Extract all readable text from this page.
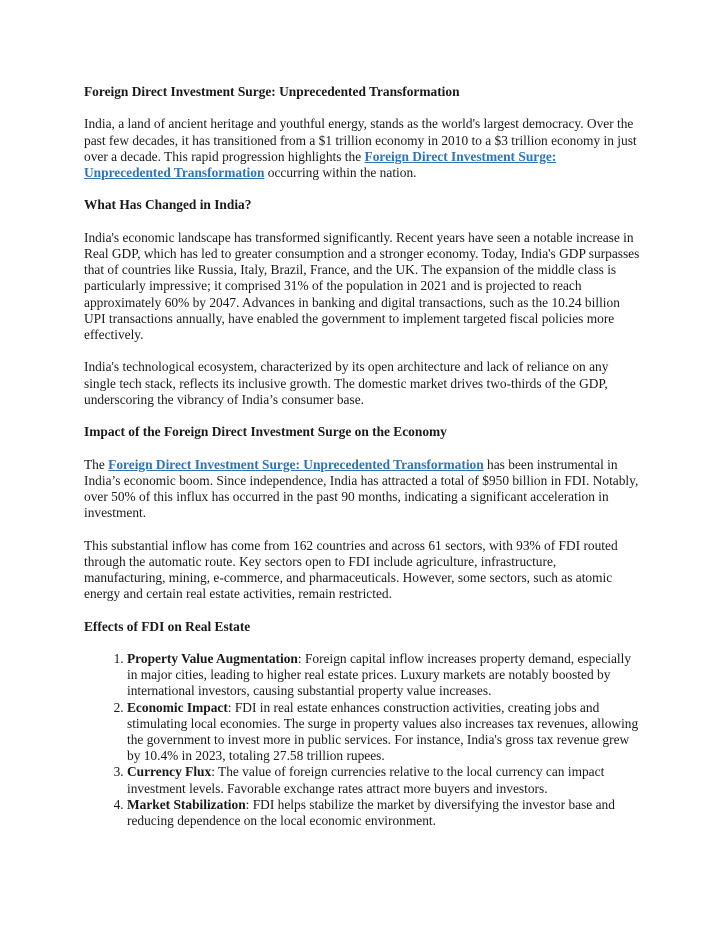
Foreign Direct Investment Surge: Unprecedented Transformation

India, a land of ancient heritage and youthful energy, stands as the world's largest democracy. Over the past few decades, it has transitioned from a $1 trillion economy in 2010 to a $3 trillion economy in just over a decade. This rapid progression highlights the Foreign Direct Investment Surge: Unprecedented Transformation occurring within the nation.

What Has Changed in India?

India's economic landscape has transformed significantly. Recent years have seen a notable increase in Real GDP, which has led to greater consumption and a stronger economy. Today, India's GDP surpasses that of countries like Russia, Italy, Brazil, France, and the UK. The expansion of the middle class is particularly impressive; it comprised 31% of the population in 2021 and is projected to reach approximately 60% by 2047. Advances in banking and digital transactions, such as the 10.24 billion UPI transactions annually, have enabled the government to implement targeted fiscal policies more effectively.

India's technological ecosystem, characterized by its open architecture and lack of reliance on any single tech stack, reflects its inclusive growth. The domestic market drives two-thirds of the GDP, underscoring the vibrancy of India’s consumer base.

Impact of the Foreign Direct Investment Surge on the Economy

The Foreign Direct Investment Surge: Unprecedented Transformation has been instrumental in India’s economic boom. Since independence, India has attracted a total of $950 billion in FDI. Notably, over 50% of this influx has occurred in the past 90 months, indicating a significant acceleration in investment.

This substantial inflow has come from 162 countries and across 61 sectors, with 93% of FDI routed through the automatic route. Key sectors open to FDI include agriculture, infrastructure, manufacturing, mining, e-commerce, and pharmaceuticals. However, some sectors, such as atomic energy and certain real estate activities, remain restricted.

Effects of FDI on Real Estate
1. Property Value Augmentation: Foreign capital inflow increases property demand, especially in major cities, leading to higher real estate prices. Luxury markets are notably boosted by international investors, causing substantial property value increases.
2. Economic Impact: FDI in real estate enhances construction activities, creating jobs and stimulating local economies. The surge in property values also increases tax revenues, allowing the government to invest more in public services. For instance, India's gross tax revenue grew by 10.4% in 2023, totaling 27.58 trillion rupees.
3. Currency Flux: The value of foreign currencies relative to the local currency can impact investment levels. Favorable exchange rates attract more buyers and investors.
4. Market Stabilization: FDI helps stabilize the market by diversifying the investor base and reducing dependence on the local economic environment.
